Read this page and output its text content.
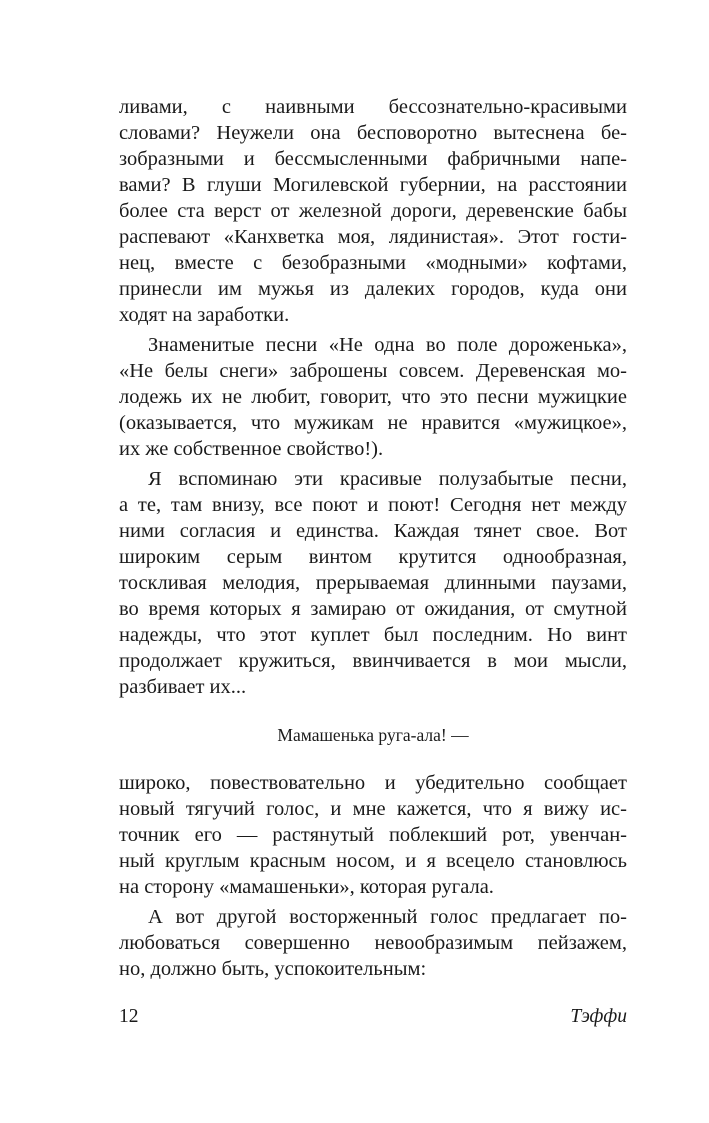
ливами, с наивными бессознательно-красивыми
словами? Неужели она бесповоротно вытеснена бе-
зобразными и бессмысленными фабричными напе-
вами? В глуши Могилевской губернии, на расстоянии
более ста верст от железной дороги, деревенские бабы
распевают «Канхветка моя, лядинистая». Этот гости-
нец, вместе с безобразными «модными» кофтами,
принесли им мужья из далеких городов, куда они
ходят на заработки.
Знаменитые песни «Не одна во поле дороженька»,
«Не белы снеги» заброшены совсем. Деревенская мо-
лодежь их не любит, говорит, что это песни мужицкие
(оказывается, что мужикам не нравится «мужицкое»,
их же собственное свойство!).
Я вспоминаю эти красивые полузабытые песни,
а те, там внизу, все поют и поют! Сегодня нет между
ними согласия и единства. Каждая тянет свое. Вот
широким серым винтом крутится однообразная,
тоскливая мелодия, прерываемая длинными паузами,
во время которых я замираю от ожидания, от смутной
надежды, что этот куплет был последним. Но винт
продолжает кружиться, ввинчивается в мои мысли,
разбивает их...
Мамашенька руга-ала! —
широко, повествовательно и убедительно сообщает
новый тягучий голос, и мне кажется, что я вижу ис-
точник его — растянутый поблекший рот, увенчан-
ный круглым красным носом, и я всецело становлюсь
на сторону «мамашеньки», которая ругала.
А вот другой восторженный голос предлагает по-
любоваться совершенно невообразимым пейзажем,
но, должно быть, успокоительным:
12	Тэффи
